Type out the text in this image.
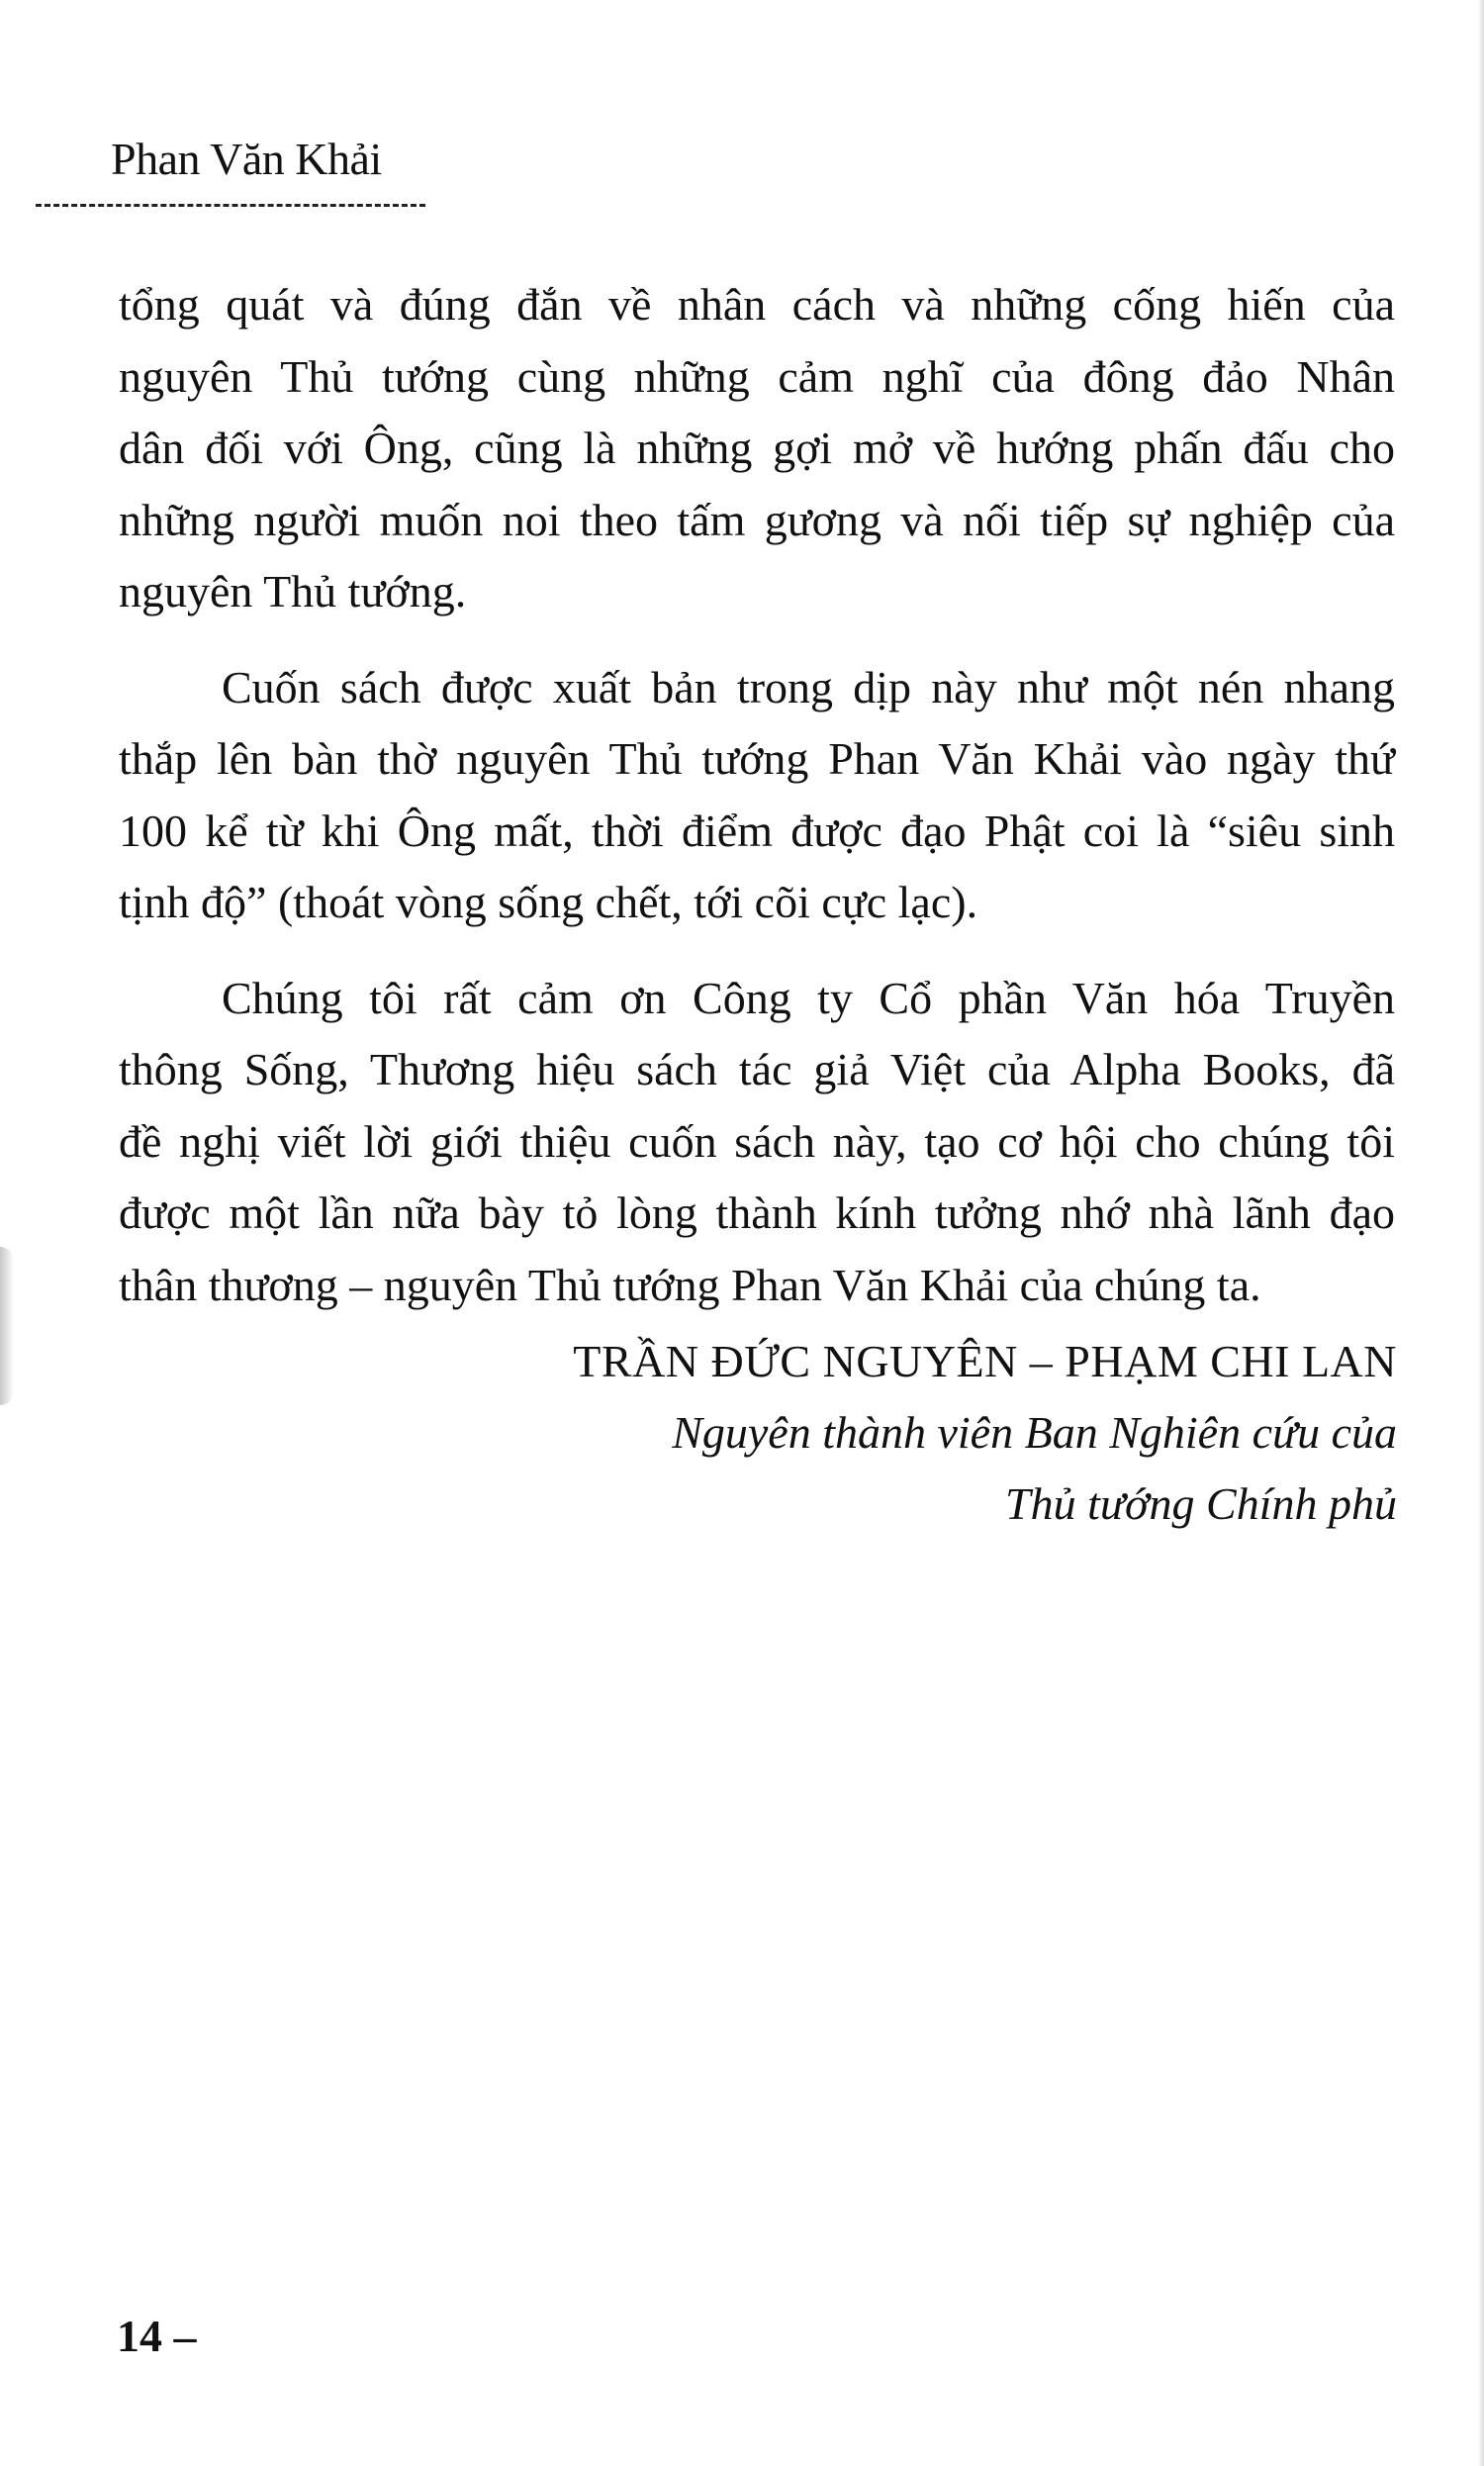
Phan Văn Khải

tổng quát và đúng đắn về nhân cách và những cống hiến của
nguyên Thủ tướng cùng những cảm nghĩ của đông đảo Nhân
dân đối với Ông, cũng là những gợi mở về hướng phấn đấu cho
những người muốn noi theo tấm gương và nối tiếp sự nghiệp của
nguyên Thủ tướng.

Cuốn sách được xuất bản trong dịp này như một nén nhang
thắp lên bàn thờ nguyên Thủ tướng Phan Văn Khải vào ngày thứ
100 kể từ khi Ông mất, thời điểm được đạo Phật coi là “siêu sinh
tịnh độ” (thoát vòng sống chết, tới cõi cực lạc).

Chúng tôi rất cảm ơn Công ty Cổ phần Văn hóa Truyền
thông Sống, Thương hiệu sách tác giả Việt của Alpha Books, đã
đề nghị viết lời giới thiệu cuốn sách này, tạo cơ hội cho chúng tôi
được một lần nữa bày tỏ lòng thành kính tưởng nhớ nhà lãnh đạo
thân thương – nguyên Thủ tướng Phan Văn Khải của chúng ta.

TRẦN ĐỨC NGUYÊN – PHẠM CHI LAN
Nguyên thành viên Ban Nghiên cứu của
Thủ tướng Chính phủ
14 –
